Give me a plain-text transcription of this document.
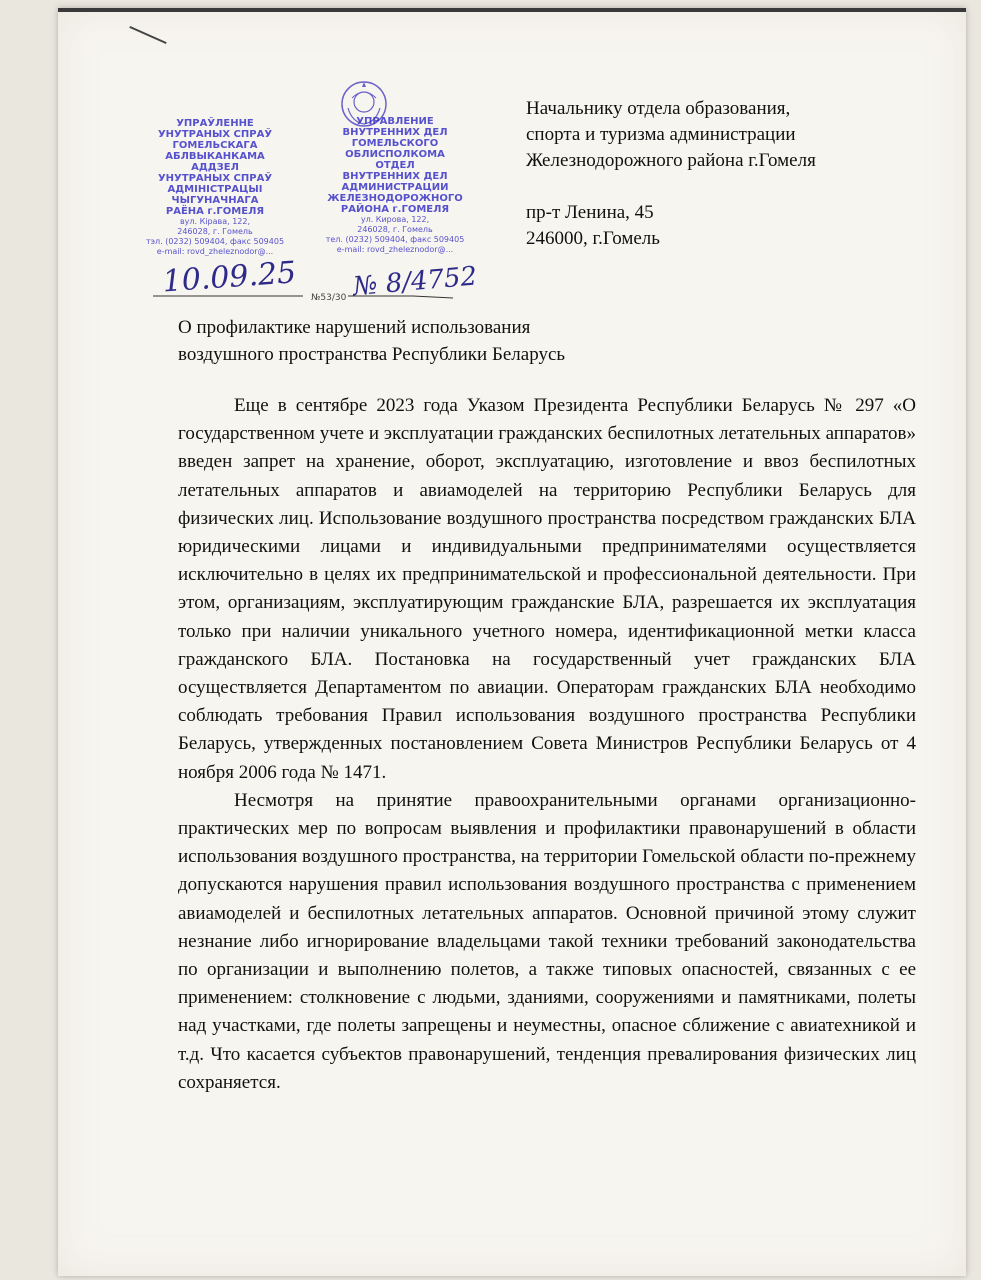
УПРАЎЛЕННЕ
УНУТРАНЫХ СПРАЎ
ГОМЕЛЬСКАГА
АБЛВЫКАНКАМА
АДДЗЕЛ
УНУТРАНЫХ СПРАЎ
АДМІНІСТРАЦЫІ
ЧЫГУНАЧНАГА
РАЁНА г.ГОМЕЛЯ
вул. Кірава, 122,
246028, г. Гомель
тэл. (0232) 509404, факс 509405
e-mail: rovd_zheleznodor@...
УПРАВЛЕНИЕ
ВНУТРЕННИХ ДЕЛ
ГОМЕЛЬСКОГО
ОБЛИСПОЛКОМА
ОТДЕЛ
ВНУТРЕННИХ ДЕЛ
АДМИНИСТРАЦИИ
ЖЕЛЕЗНОДОРОЖНОГО
РАЙОНА г.ГОМЕЛЯ
ул. Кирова, 122,
246028, г. Гомель
тел. (0232) 509404, факс 509405
e-mail: rovd_zheleznodor@...
10.09.25 № 8/4752
№53/30
Начальнику отдела образования,
спорта и туризма администрации
Железнодорожного района г.Гомеля
пр-т Ленина, 45
246000, г.Гомель
О профилактике нарушений использования
воздушного пространства Республики Беларусь

Еще в сентябре 2023 года Указом Президента Республики Беларусь № 297 «О государственном учете и эксплуатации гражданских беспилотных летательных аппаратов» введен запрет на хранение, оборот, эксплуатацию, изготовление и ввоз беспилотных летательных аппаратов и авиамоделей на территорию Республики Беларусь для физических лиц. Использование воздушного пространства посредством гражданских БЛА юридическими лицами и индивидуальными предпринимателями осуществляется исключительно в целях их предпринимательской и профессиональной деятельности. При этом, организациям, эксплуатирующим гражданские БЛА, разрешается их эксплуатация только при наличии уникального учетного номера, идентификационной метки класса гражданского БЛА. Постановка на государственный учет гражданских БЛА осуществляется Департаментом по авиации. Операторам гражданских БЛА необходимо соблюдать требования Правил использования воздушного пространства Республики Беларусь, утвержденных постановлением Совета Министров Республики Беларусь от 4 ноября 2006 года № 1471.

Несмотря на принятие правоохранительными органами организационно-практических мер по вопросам выявления и профилактики правонарушений в области использования воздушного пространства, на территории Гомельской области по-прежнему допускаются нарушения правил использования воздушного пространства с применением авиамоделей и беспилотных летательных аппаратов. Основной причиной этому служит незнание либо игнорирование владельцами такой техники требований законодательства по организации и выполнению полетов, а также типовых опасностей, связанных с ее применением: столкновение с людьми, зданиями, сооружениями и памятниками, полеты над участками, где полеты запрещены и неуместны, опасное сближение с авиатехникой и т.д. Что касается субъектов правонарушений, тенденция превалирования физических лиц сохраняется.
